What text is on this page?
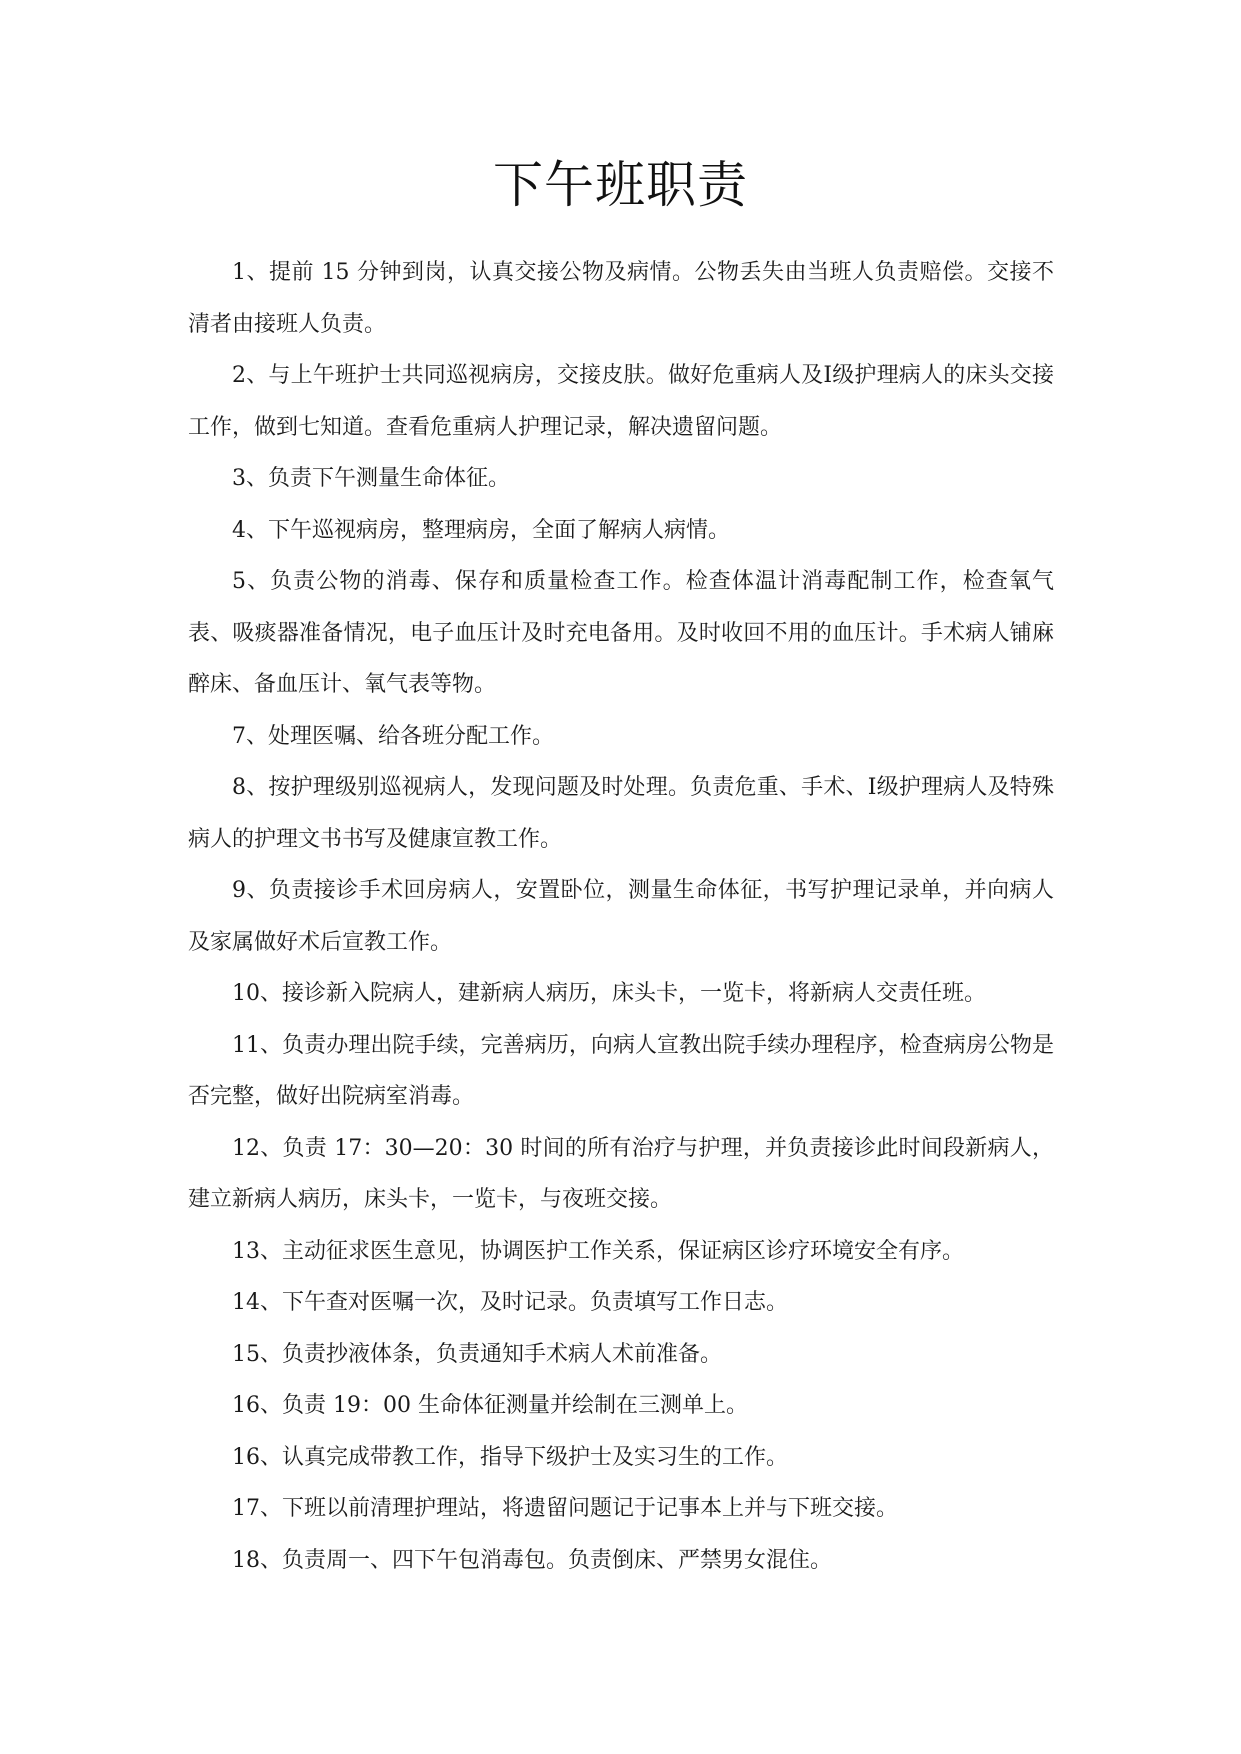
下午班职责

1、提前 15 分钟到岗，认真交接公物及病情。公物丢失由当班人负责赔偿。交接不清者由接班人负责。

2、与上午班护士共同巡视病房，交接皮肤。做好危重病人及Ⅰ级护理病人的床头交接工作，做到七知道。查看危重病人护理记录，解决遗留问题。

3、负责下午测量生命体征。

4、下午巡视病房，整理病房，全面了解病人病情。

5、负责公物的消毒、保存和质量检查工作。检查体温计消毒配制工作，检查氧气表、吸痰器准备情况，电子血压计及时充电备用。及时收回不用的血压计。手术病人铺麻醉床、备血压计、氧气表等物。

7、处理医嘱、给各班分配工作。

8、按护理级别巡视病人，发现问题及时处理。负责危重、手术、Ⅰ级护理病人及特殊病人的护理文书书写及健康宣教工作。

9、负责接诊手术回房病人，安置卧位，测量生命体征，书写护理记录单，并向病人及家属做好术后宣教工作。

10、接诊新入院病人，建新病人病历，床头卡，一览卡，将新病人交责任班。

11、负责办理出院手续，完善病历，向病人宣教出院手续办理程序，检查病房公物是否完整，做好出院病室消毒。

12、负责 17：30—20：30 时间的所有治疗与护理，并负责接诊此时间段新病人，建立新病人病历，床头卡，一览卡，与夜班交接。

13、主动征求医生意见，协调医护工作关系，保证病区诊疗环境安全有序。

14、下午查对医嘱一次，及时记录。负责填写工作日志。

15、负责抄液体条，负责通知手术病人术前准备。

16、负责 19：00 生命体征测量并绘制在三测单上。

16、认真完成带教工作，指导下级护士及实习生的工作。

17、下班以前清理护理站，将遗留问题记于记事本上并与下班交接。

18、负责周一、四下午包消毒包。负责倒床、严禁男女混住。
